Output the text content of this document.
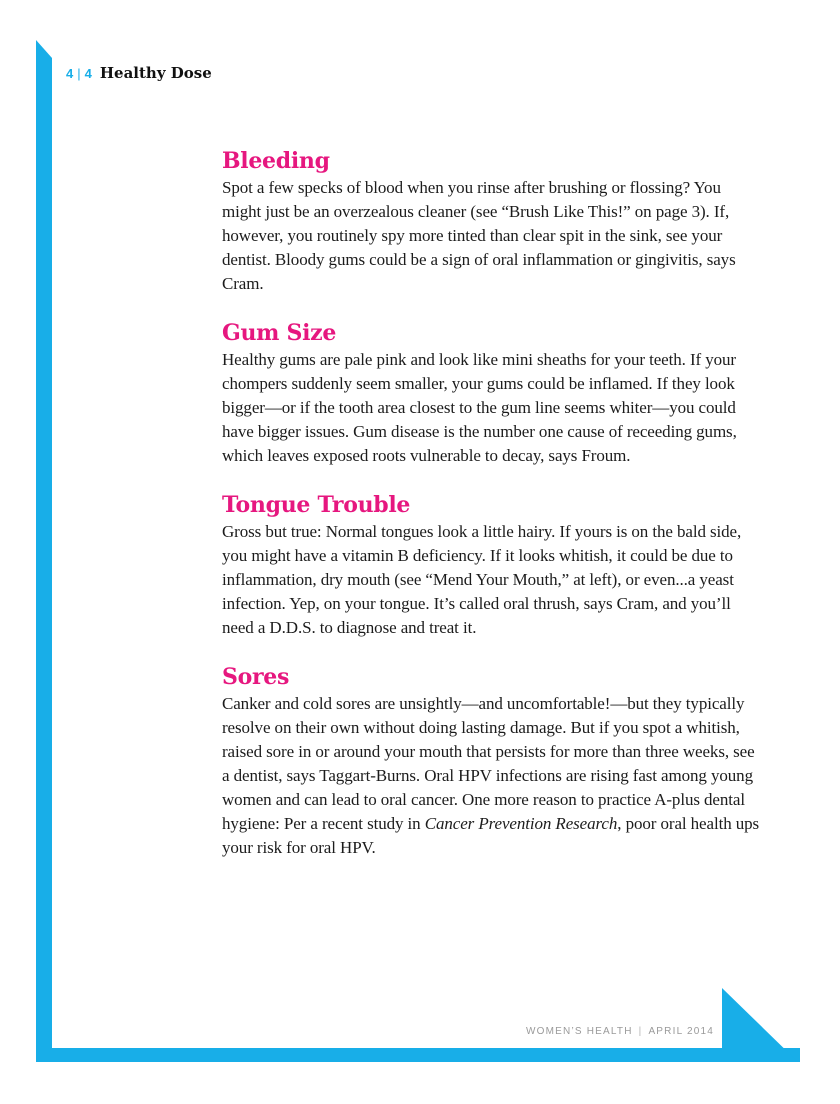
4 | 4 Healthy Dose
Bleeding
Spot a few specks of blood when you rinse after brushing or flossing? You might just be an overzealous cleaner (see “Brush Like This!” on page 3). If, however, you routinely spy more tinted than clear spit in the sink, see your dentist. Bloody gums could be a sign of oral inflammation or gingivitis, says Cram.
Gum Size
Healthy gums are pale pink and look like mini sheaths for your teeth. If your chompers suddenly seem smaller, your gums could be inflamed. If they look bigger—or if the tooth area closest to the gum line seems whiter—you could have bigger issues. Gum disease is the number one cause of receeding gums, which leaves exposed roots vulnerable to decay, says Froum.
Tongue Trouble
Gross but true: Normal tongues look a little hairy. If yours is on the bald side, you might have a vitamin B deficiency. If it looks whitish, it could be due to inflammation, dry mouth (see “Mend Your Mouth,” at left), or even...a yeast infection. Yep, on your tongue. It’s called oral thrush, says Cram, and you’ll need a D.D.S. to diagnose and treat it.
Sores
Canker and cold sores are unsightly—and uncomfortable!—but they typically resolve on their own without doing lasting damage. But if you spot a whitish, raised sore in or around your mouth that persists for more than three weeks, see a dentist, says Taggart-Burns. Oral HPV infections are rising fast among young women and can lead to oral cancer. One more reason to practice A-plus dental hygiene: Per a recent study in Cancer Prevention Research, poor oral health ups your risk for oral HPV.
WOMEN’S HEALTH | APRIL 2014
